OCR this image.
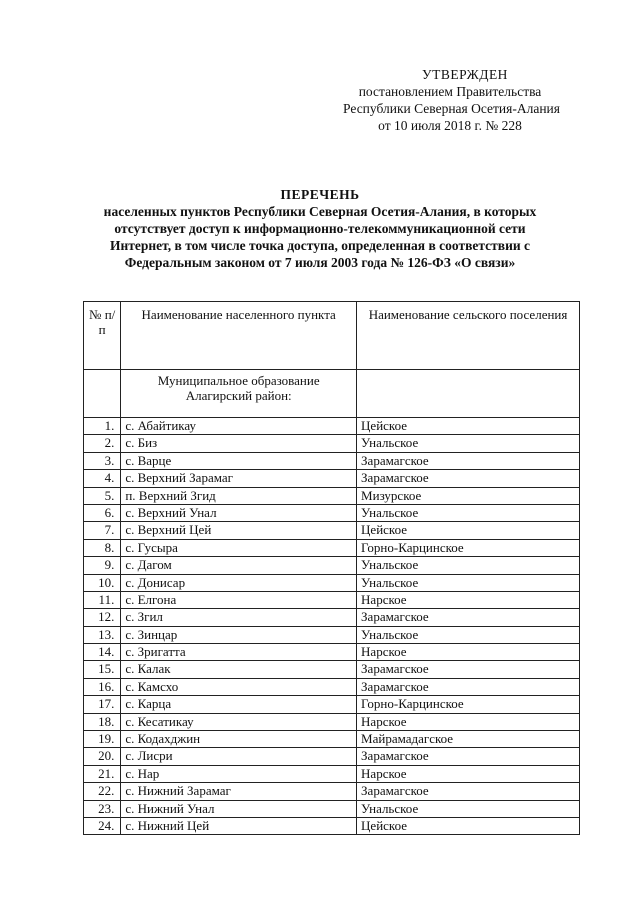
УТВЕРЖДЕН
постановлением Правительства
Республики Северная Осетия-Алания
от 10 июля 2018 г. № 228
ПЕРЕЧЕНЬ
населенных пунктов Республики Северная Осетия-Алания, в которых
отсутствует доступ к информационно-телекоммуникационной сети
Интернет, в том числе точка доступа, определенная в соответствии с
Федеральным законом от 7 июля 2003 года № 126-ФЗ «О связи»
№ п/п	Наименование населенного пункта	Наименование сельского поселения
	Муниципальное образование Алагирский район:	
1.	с. Абайтикау	Цейское
2.	с. Биз	Унальское
3.	с. Варце	Зарамагское
4.	с. Верхний Зарамаг	Зарамагское
5.	п. Верхний Згид	Мизурское
6.	с. Верхний Унал	Унальское
7.	с. Верхний Цей	Цейское
8.	с. Гусыра	Горно-Карцинское
9.	с. Дагом	Унальское
10.	с. Донисар	Унальское
11.	с. Елгона	Нарское
12.	с. Згил	Зарамагское
13.	с. Зинцар	Унальское
14.	с. Зригатта	Нарское
15.	с. Калак	Зарамагское
16.	с. Камсхо	Зарамагское
17.	с. Карца	Горно-Карцинское
18.	с. Кесатикау	Нарское
19.	с. Кодахджин	Майрамадагское
20.	с. Лисри	Зарамагское
21.	с. Нар	Нарское
22.	с. Нижний Зарамаг	Зарамагское
23.	с. Нижний Унал	Унальское
24.	с. Нижний Цей	Цейское
